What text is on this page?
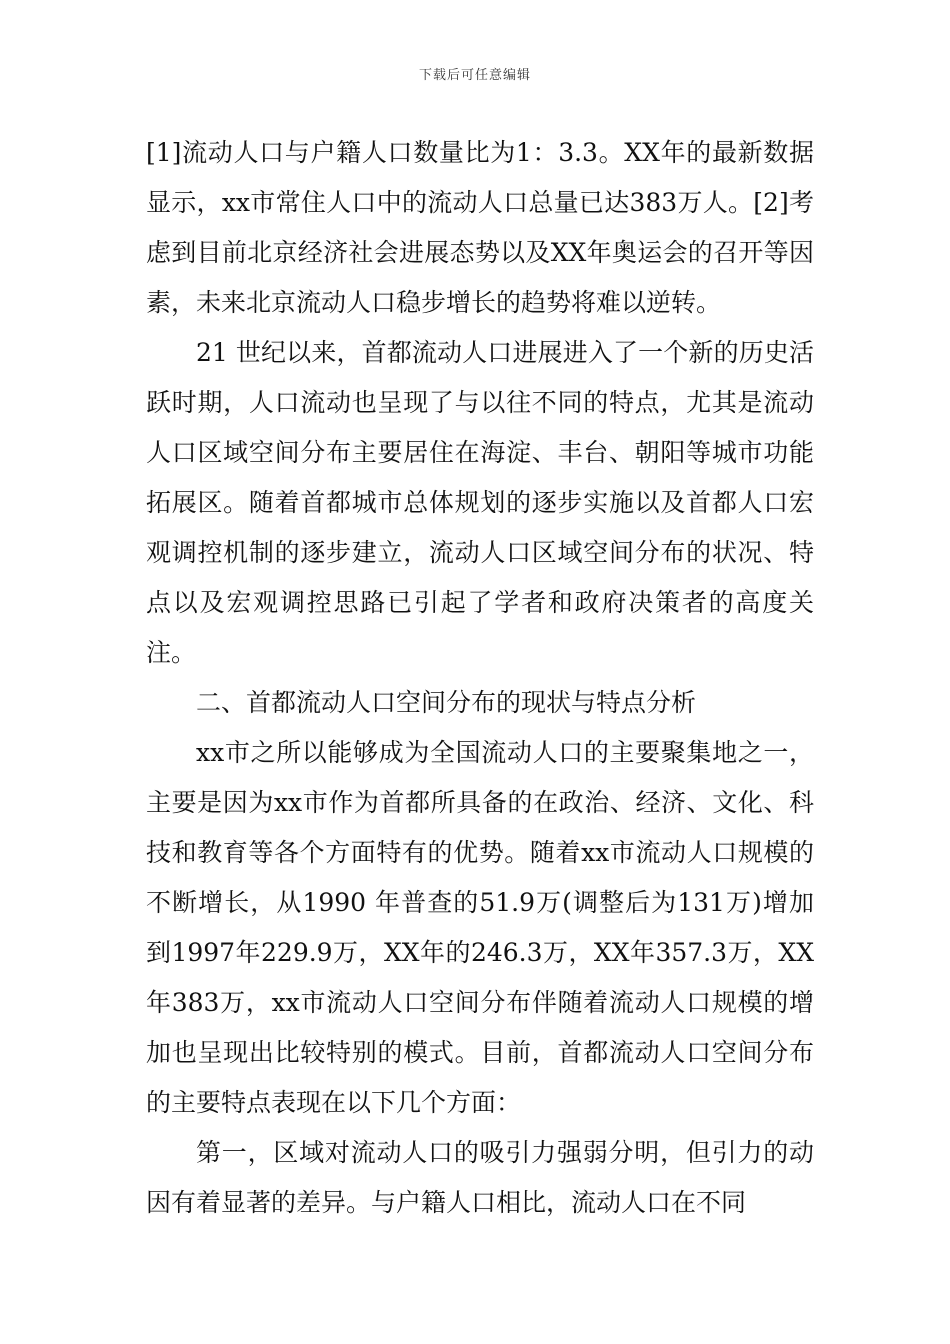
下载后可任意编辑

[1]流动人口与户籍人口数量比为1：3.3。XX年的最新数据显示，xx市常住人口中的流动人口总量已达383万人。[2]考虑到目前北京经济社会进展态势以及XX年奥运会的召开等因素，未来北京流动人口稳步增长的趋势将难以逆转。

21 世纪以来，首都流动人口进展进入了一个新的历史活跃时期，人口流动也呈现了与以往不同的特点，尤其是流动人口区域空间分布主要居住在海淀、丰台、朝阳等城市功能拓展区。随着首都城市总体规划的逐步实施以及首都人口宏观调控机制的逐步建立，流动人口区域空间分布的状况、特点以及宏观调控思路已引起了学者和政府决策者的高度关注。

二、首都流动人口空间分布的现状与特点分析

xx市之所以能够成为全国流动人口的主要聚集地之一，主要是因为xx市作为首都所具备的在政治、经济、文化、科技和教育等各个方面特有的优势。随着xx市流动人口规模的不断增长，从1990 年普查的51.9万(调整后为131万)增加到1997年229.9万，XX年的246.3万，XX年357.3万，XX年383万，xx市流动人口空间分布伴随着流动人口规模的增加也呈现出比较特别的模式。目前，首都流动人口空间分布的主要特点表现在以下几个方面：

第一，区域对流动人口的吸引力强弱分明，但引力的动因有着显著的差异。与户籍人口相比，流动人口在不同
